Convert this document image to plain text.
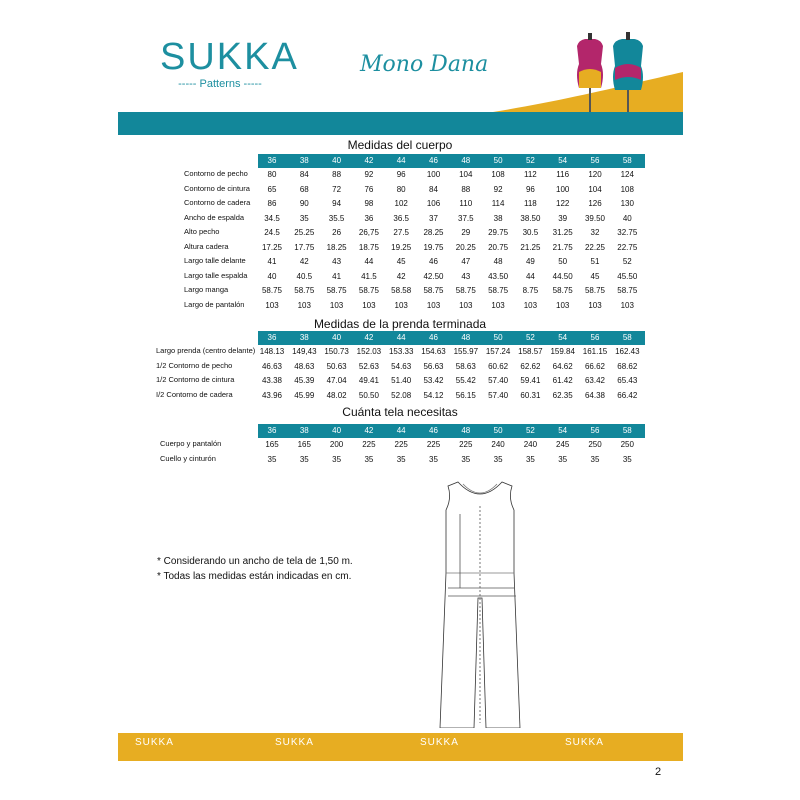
SUKKA
----- Patterns -----
Mono Dana
Medidas del cuerpo
Medidas de la prenda terminada
Cuánta tela necesitas
36	38	40	42	44	46	48	50	52	54	56	58
Contorno de pecho	80	84	88	92	96	100	104	108	112	116	120	124
Contorno de cintura	65	68	72	76	80	84	88	92	96	100	104	108
Contorno de cadera	86	90	94	98	102	106	110	114	118	122	126	130
Ancho de espalda	34.5	35	35.5	36	36.5	37	37.5	38	38.50	39	39.50	40
Alto pecho	24.5	25.25	26	26,75	27.5	28.25	29	29.75	30.5	31.25	32	32.75
Altura cadera	17.25	17.75	18.25	18.75	19.25	19.75	20.25	20.75	21.25	21.75	22.25	22.75
Largo talle delante	41	42	43	44	45	46	47	48	49	50	51	52
Largo talle espalda	40	40.5	41	41.5	42	42.50	43	43.50	44	44.50	45	45.50
Largo manga	58.75	58.75	58.75	58.75	58.58	58.75	58.75	58.75	8.75	58.75	58.75	58.75
Largo de pantalón	103	103	103	103	103	103	103	103	103	103	103	103
36	38	40	42	44	46	48	50	52	54	56	58
Largo prenda (centro delante) 148.13 149,43 150.73 152.03 153.33 154.63 155.97 157.24 158.57 159.84 161.15 162.43
1/2 Contorno de pecho	46.63	48.63	50.63	52.63	54.63	56.63	58.63	60.62	62.62	64.62	66.62	68.62
1/2 Contorno de cintura	43.38	45.39	47.04	49.41	51.40	53.42	55.42	57.40	59.41	61.42	63.42	65.43
I/2 Contorno de cadera	43.96	45.99	48.02	50.50	52.08	54.12	56.15	57.40	60.31	62.35	64.38	66.42
36	38	40	42	44	46	48	50	52	54	56	58
Cuerpo y pantalón	165	165	200	225	225	225	225	240	240	245	250	250
Cuello y cinturón	35	35	35	35	35	35	35	35	35	35	35	35
* Considerando un ancho de tela de 1,50 m.
* Todas las medidas están indicadas en cm.
SUKKA	SUKKA	SUKKA	SUKKA
2
